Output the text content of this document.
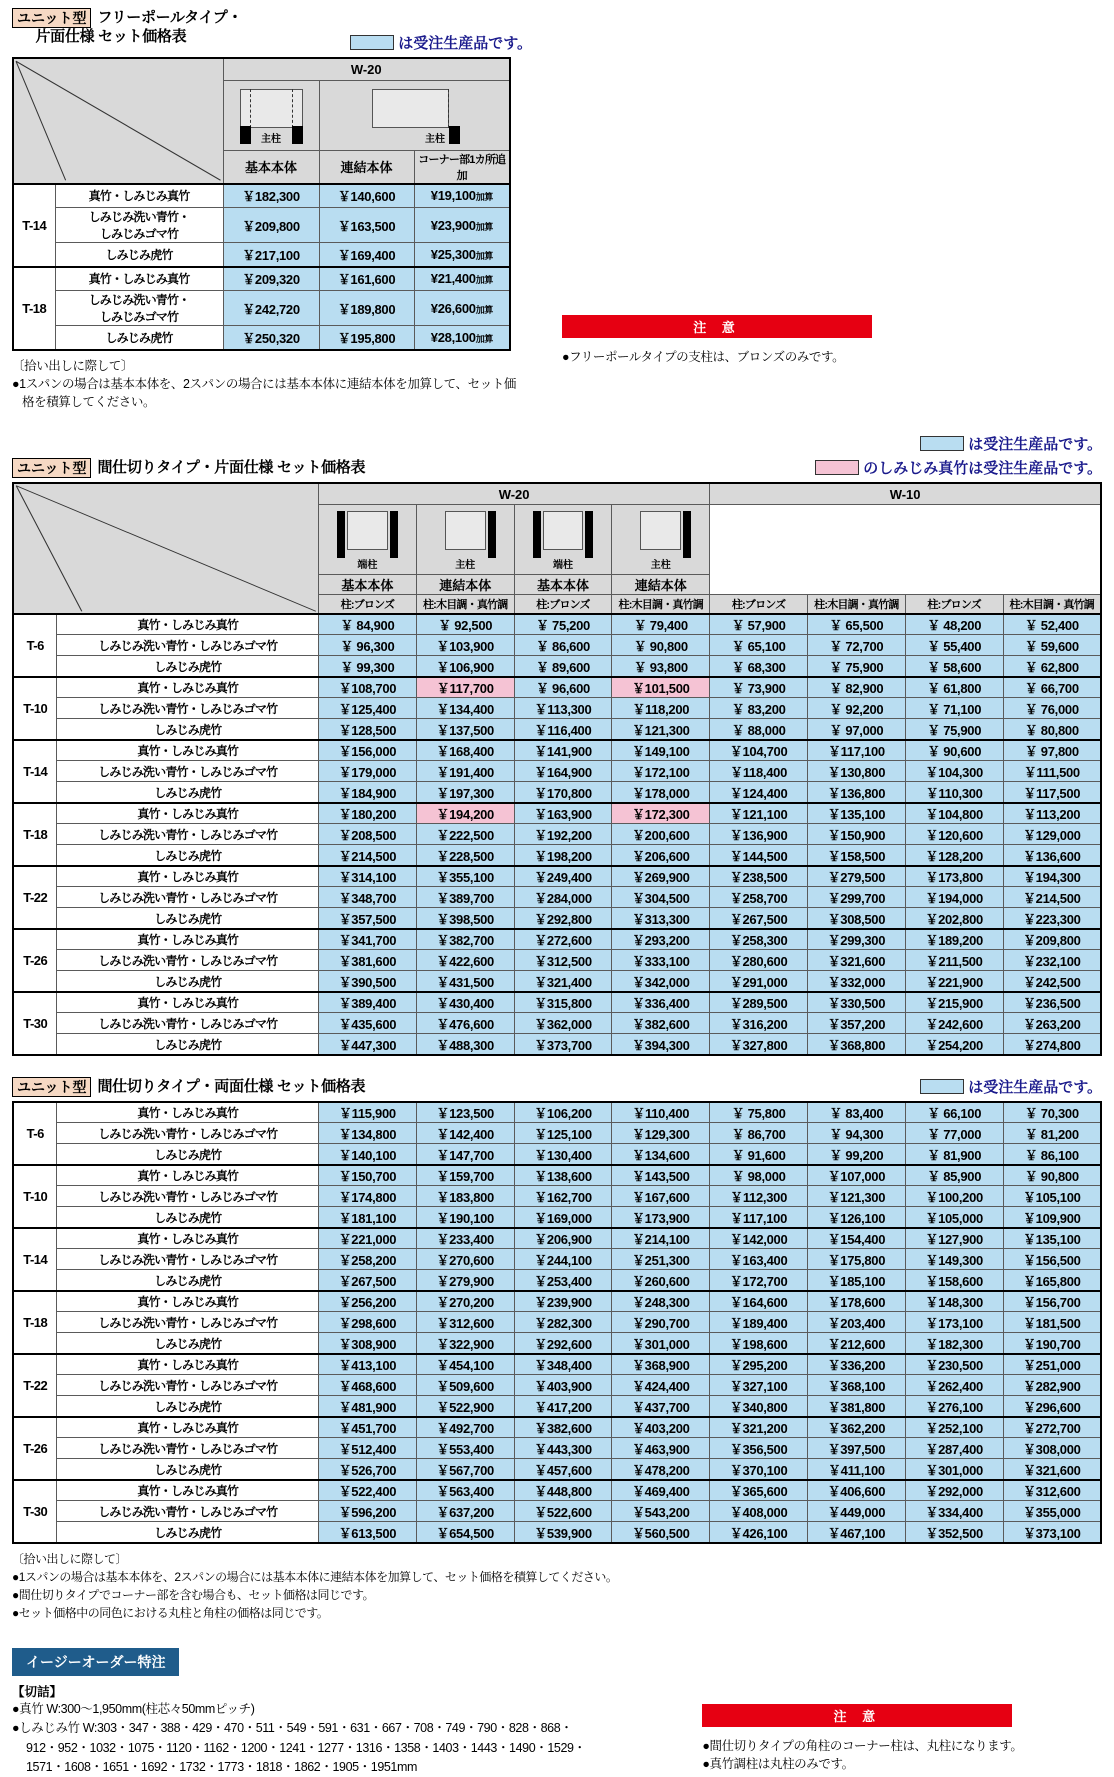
ユニット型 フリーポールタイプ・
片面仕様 セット価格表	は受注生産品です。
	W-20		

		主柱	主柱	

		基本本体	連結本体	コーナー部1カ所追加
T-14	真竹・しみじみ真竹	￥182,300	￥140,600	¥19,100加算

	しみじみ洗い青竹・
しみじみゴマ竹	￥209,800	￥163,500	¥23,900加算

	しみじみ虎竹	￥217,100	￥169,400	¥25,300加算
T-18	真竹・しみじみ真竹	￥209,320	￥161,600	¥21,400加算

	しみじみ洗い青竹・
しみじみゴマ竹	￥242,720	￥189,800	¥26,600加算

	しみじみ虎竹	￥250,320	￥195,800	¥28,100加算
〔拾い出しに際して〕
●1スパンの場合は基本本体を、2スパンの場合には基本本体に連結本体を加算して、セット価
格を積算してください。
注 意
●フリーポールタイプの支柱は、ブロンズのみです。
ユニット型 間仕切りタイプ・片面仕様 セット価格表
は受注生産品です。
のしみじみ真竹は受注生産品です。
	W-20				W-10			

		端柱	主柱	端柱	主柱				

		基本本体	連結本体	基本本体	連結本体				
		柱:ブロンズ	柱:木目調・真竹調	柱:ブロンズ	柱:木目調・真竹調	柱:ブロンズ	柱:木目調・真竹調	柱:ブロンズ	柱:木目調・真竹調
T-6	真竹・しみじみ真竹	￥ 84,900	￥ 92,500	￥ 75,200	￥ 79,400	￥ 57,900	￥ 65,500	￥ 48,200	￥ 52,400
	しみじみ洗い青竹・しみじみゴマ竹	￥ 96,300	￥103,900	￥ 86,600	￥ 90,800	￥ 65,100	￥ 72,700	￥ 55,400	￥ 59,600
	しみじみ虎竹	￥ 99,300	￥106,900	￥ 89,600	￥ 93,800	￥ 68,300	￥ 75,900	￥ 58,600	￥ 62,800
T-10	真竹・しみじみ真竹	￥108,700	￥117,700	￥ 96,600	￥101,500	￥ 73,900	￥ 82,900	￥ 61,800	￥ 66,700
	しみじみ洗い青竹・しみじみゴマ竹	￥125,400	￥134,400	￥113,300	￥118,200	￥ 83,200	￥ 92,200	￥ 71,100	￥ 76,000
	しみじみ虎竹	￥128,500	￥137,500	￥116,400	￥121,300	￥ 88,000	￥ 97,000	￥ 75,900	￥ 80,800
T-14	真竹・しみじみ真竹	￥156,000	￥168,400	￥141,900	￥149,100	￥104,700	￥117,100	￥ 90,600	￥ 97,800
	しみじみ洗い青竹・しみじみゴマ竹	￥179,000	￥191,400	￥164,900	￥172,100	￥118,400	￥130,800	￥104,300	￥111,500
	しみじみ虎竹	￥184,900	￥197,300	￥170,800	￥178,000	￥124,400	￥136,800	￥110,300	￥117,500
T-18	真竹・しみじみ真竹	￥180,200	￥194,200	￥163,900	￥172,300	￥121,100	￥135,100	￥104,800	￥113,200
	しみじみ洗い青竹・しみじみゴマ竹	￥208,500	￥222,500	￥192,200	￥200,600	￥136,900	￥150,900	￥120,600	￥129,000
	しみじみ虎竹	￥214,500	￥228,500	￥198,200	￥206,600	￥144,500	￥158,500	￥128,200	￥136,600
T-22	真竹・しみじみ真竹	￥314,100	￥355,100	￥249,400	￥269,900	￥238,500	￥279,500	￥173,800	￥194,300
	しみじみ洗い青竹・しみじみゴマ竹	￥348,700	￥389,700	￥284,000	￥304,500	￥258,700	￥299,700	￥194,000	￥214,500
	しみじみ虎竹	￥357,500	￥398,500	￥292,800	￥313,300	￥267,500	￥308,500	￥202,800	￥223,300
T-26	真竹・しみじみ真竹	￥341,700	￥382,700	￥272,600	￥293,200	￥258,300	￥299,300	￥189,200	￥209,800
	しみじみ洗い青竹・しみじみゴマ竹	￥381,600	￥422,600	￥312,500	￥333,100	￥280,600	￥321,600	￥211,500	￥232,100
	しみじみ虎竹	￥390,500	￥431,500	￥321,400	￥342,000	￥291,000	￥332,000	￥221,900	￥242,500
T-30	真竹・しみじみ真竹	￥389,400	￥430,400	￥315,800	￥336,400	￥289,500	￥330,500	￥215,900	￥236,500
	しみじみ洗い青竹・しみじみゴマ竹	￥435,600	￥476,600	￥362,000	￥382,600	￥316,200	￥357,200	￥242,600	￥263,200
	しみじみ虎竹	￥447,300	￥488,300	￥373,700	￥394,300	￥327,800	￥368,800	￥254,200	￥274,800
ユニット型 間仕切りタイプ・両面仕様 セット価格表	は受注生産品です。
T-6	真竹・しみじみ真竹	￥115,900	￥123,500	￥106,200	￥110,400	￥ 75,800	￥ 83,400	￥ 66,100	￥ 70,300
	しみじみ洗い青竹・しみじみゴマ竹	￥134,800	￥142,400	￥125,100	￥129,300	￥ 86,700	￥ 94,300	￥ 77,000	￥ 81,200
	しみじみ虎竹	￥140,100	￥147,700	￥130,400	￥134,600	￥ 91,600	￥ 99,200	￥ 81,900	￥ 86,100
T-10	真竹・しみじみ真竹	￥150,700	￥159,700	￥138,600	￥143,500	￥ 98,000	￥107,000	￥ 85,900	￥ 90,800
	しみじみ洗い青竹・しみじみゴマ竹	￥174,800	￥183,800	￥162,700	￥167,600	￥112,300	￥121,300	￥100,200	￥105,100
	しみじみ虎竹	￥181,100	￥190,100	￥169,000	￥173,900	￥117,100	￥126,100	￥105,000	￥109,900
T-14	真竹・しみじみ真竹	￥221,000	￥233,400	￥206,900	￥214,100	￥142,000	￥154,400	￥127,900	￥135,100
	しみじみ洗い青竹・しみじみゴマ竹	￥258,200	￥270,600	￥244,100	￥251,300	￥163,400	￥175,800	￥149,300	￥156,500
	しみじみ虎竹	￥267,500	￥279,900	￥253,400	￥260,600	￥172,700	￥185,100	￥158,600	￥165,800
T-18	真竹・しみじみ真竹	￥256,200	￥270,200	￥239,900	￥248,300	￥164,600	￥178,600	￥148,300	￥156,700
	しみじみ洗い青竹・しみじみゴマ竹	￥298,600	￥312,600	￥282,300	￥290,700	￥189,400	￥203,400	￥173,100	￥181,500
	しみじみ虎竹	￥308,900	￥322,900	￥292,600	￥301,000	￥198,600	￥212,600	￥182,300	￥190,700
T-22	真竹・しみじみ真竹	￥413,100	￥454,100	￥348,400	￥368,900	￥295,200	￥336,200	￥230,500	￥251,000
	しみじみ洗い青竹・しみじみゴマ竹	￥468,600	￥509,600	￥403,900	￥424,400	￥327,100	￥368,100	￥262,400	￥282,900
	しみじみ虎竹	￥481,900	￥522,900	￥417,200	￥437,700	￥340,800	￥381,800	￥276,100	￥296,600
T-26	真竹・しみじみ真竹	￥451,700	￥492,700	￥382,600	￥403,200	￥321,200	￥362,200	￥252,100	￥272,700
	しみじみ洗い青竹・しみじみゴマ竹	￥512,400	￥553,400	￥443,300	￥463,900	￥356,500	￥397,500	￥287,400	￥308,000
	しみじみ虎竹	￥526,700	￥567,700	￥457,600	￥478,200	￥370,100	￥411,100	￥301,000	￥321,600
T-30	真竹・しみじみ真竹	￥522,400	￥563,400	￥448,800	￥469,400	￥365,600	￥406,600	￥292,000	￥312,600
	しみじみ洗い青竹・しみじみゴマ竹	￥596,200	￥637,200	￥522,600	￥543,200	￥408,000	￥449,000	￥334,400	￥355,000
	しみじみ虎竹	￥613,500	￥654,500	￥539,900	￥560,500	￥426,100	￥467,100	￥352,500	￥373,100
〔拾い出しに際して〕
●1スパンの場合は基本本体を、2スパンの場合には基本本体に連結本体を加算して、セット価格を積算してください。
●間仕切りタイプでコーナー部を含む場合も、セット価格は同じです。
●セット価格中の同色における丸柱と角柱の価格は同じです。
イージーオーダー特注
【切詰】
●真竹 W:300〜1,950mm(柱芯々50mmピッチ)
●しみじみ竹 W:303・347・388・429・470・511・549・591・631・667・708・749・790・828・868・
912・952・1032・1075・1120・1162・1200・1241・1277・1316・1358・1403・1443・1490・1529・
1571・1608・1651・1692・1732・1773・1818・1862・1905・1951mm
注 意
●間仕切りタイプの角柱のコーナー柱は、丸柱になります。
●真竹調柱は丸柱のみです。
